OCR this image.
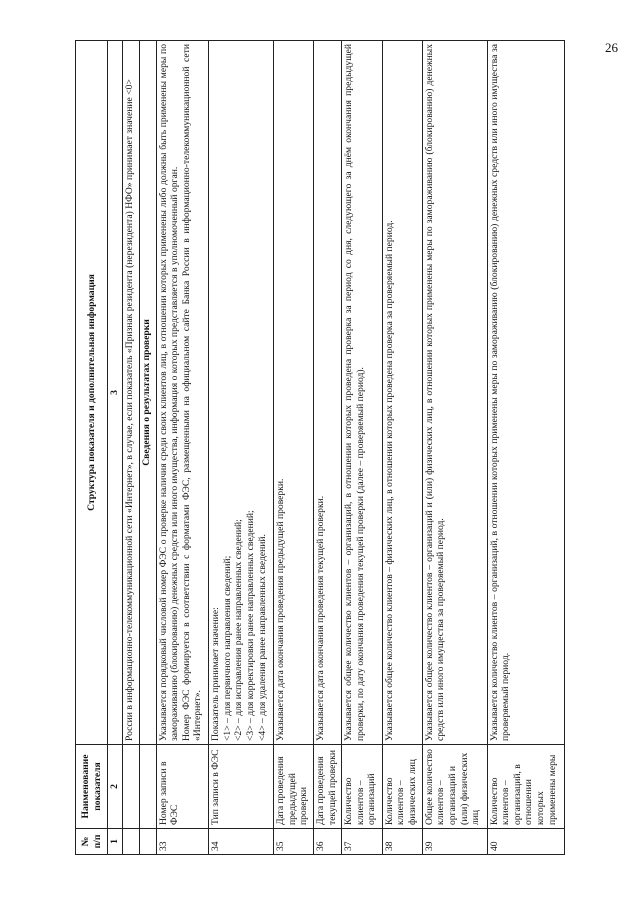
26
№ п/п	Наименование показателя	Структура показателя и дополнительная информация
1	2	3
		России в информационно-телекоммуникационной сети «Интернет», в случае, если показатель «Признак резидента (нерезидента) НФО» принимает значение <0>
		Сведения о результатах проверки
33	Номер записи в ФЭС	Указывается порядковый числовой номер ФЭС о проверке наличия среди своих клиентов лиц, в отношении которых применены либо должны быть применены меры по замораживанию (блокированию) денежных средств или иного имущества, информация о которых представляется в уполномоченный орган. Номер ФЭС формируется в соответствии с форматами ФЭС, размещенными на официальном сайте Банка России в информационно-телекоммуникационной сети «Интернет».

34	Тип записи в ФЭС	Показатель принимает значение: <1> – для первичного направления сведений; <2> – для исправления ранее направленных сведений; <3> – для корректировки ранее направленных сведений; <4> – для удаления ранее направленных сведений.

35	Дата проведения предыдущей проверки	Указывается дата окончания проведения предыдущей проверки.

36	Дата проведения текущей проверки	Указывается дата окончания проведения текущей проверки.

37	Количество клиентов – организаций	Указывается общее количество клиентов – организаций, в отношении которых проведена проверка за период со дня, следующего за днём окончания предыдущей проверки, по дату окончания проведения текущей проверки (далее – проверяемый период).

38	Количество клиентов – физических лиц	Указывается общее количество клиентов – физических лиц, в отношении которых проведена проверка за проверяемый период.

39	Общее количество клиентов – организаций и (или) физических лиц	Указывается общее количество клиентов – организаций и (или) физических лиц, в отношении которых применены меры по замораживанию (блокированию) денежных средств или иного имущества за проверяемый период.

40	Количество клиентов – организаций, в отношении которых применены меры	Указывается количество клиентов – организаций, в отношении которых применены меры по замораживанию (блокированию) денежных средств или иного имущества за проверяемый период.
